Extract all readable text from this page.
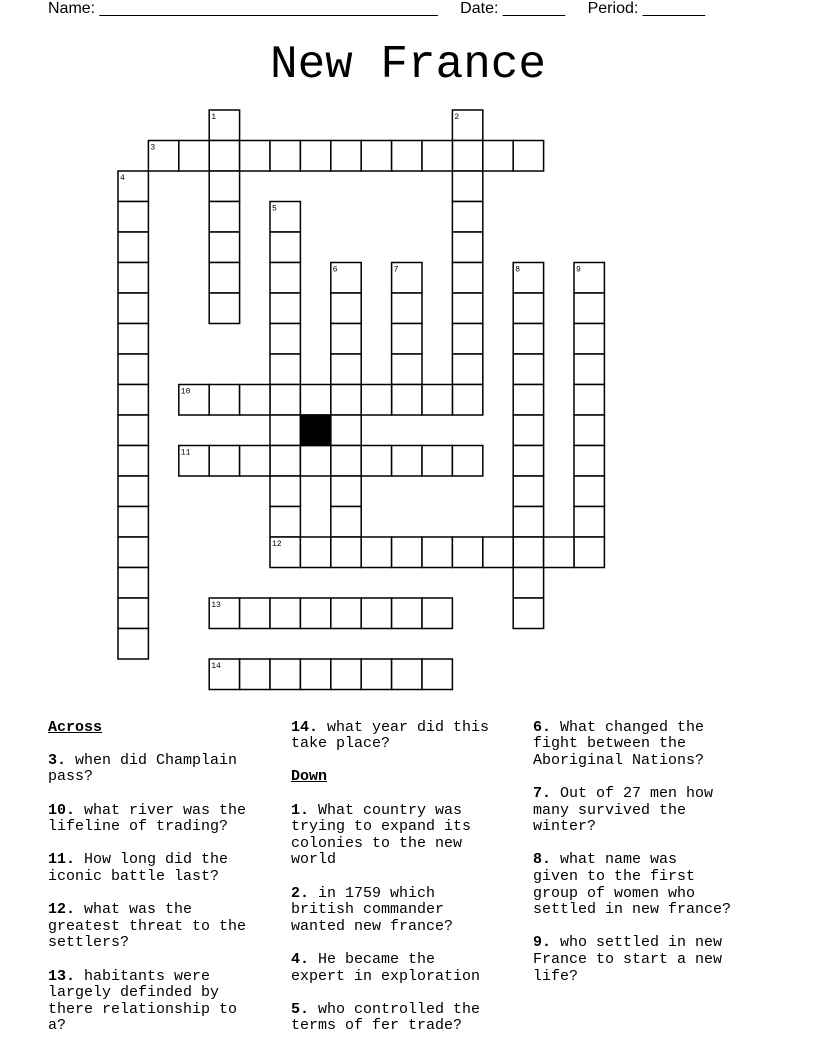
Name: ______________________________________ Date: _______ Period: _______
New France
1	2
3
4
5
6	7	8	9
10
11
12
13
14

Across

3. when did Champlain
pass?

10. what river was the
lifeline of trading?

11. How long did the
iconic battle last?

12. what was the
greatest threat to the
settlers?

13. habitants were
largely definded by
there relationship to
a?

14. what year did this
take place?

Down

1. What country was
trying to expand its
colonies to the new
world

2. in 1759 which
british commander
wanted new france?

4. He became the
expert in exploration

5. who controlled the
terms of fer trade?

6. What changed the
fight between the
Aboriginal Nations?

7. Out of 27 men how
many survived the
winter?

8. what name was
given to the first
group of women who
settled in new france?

9. who settled in new
France to start a new
life?
